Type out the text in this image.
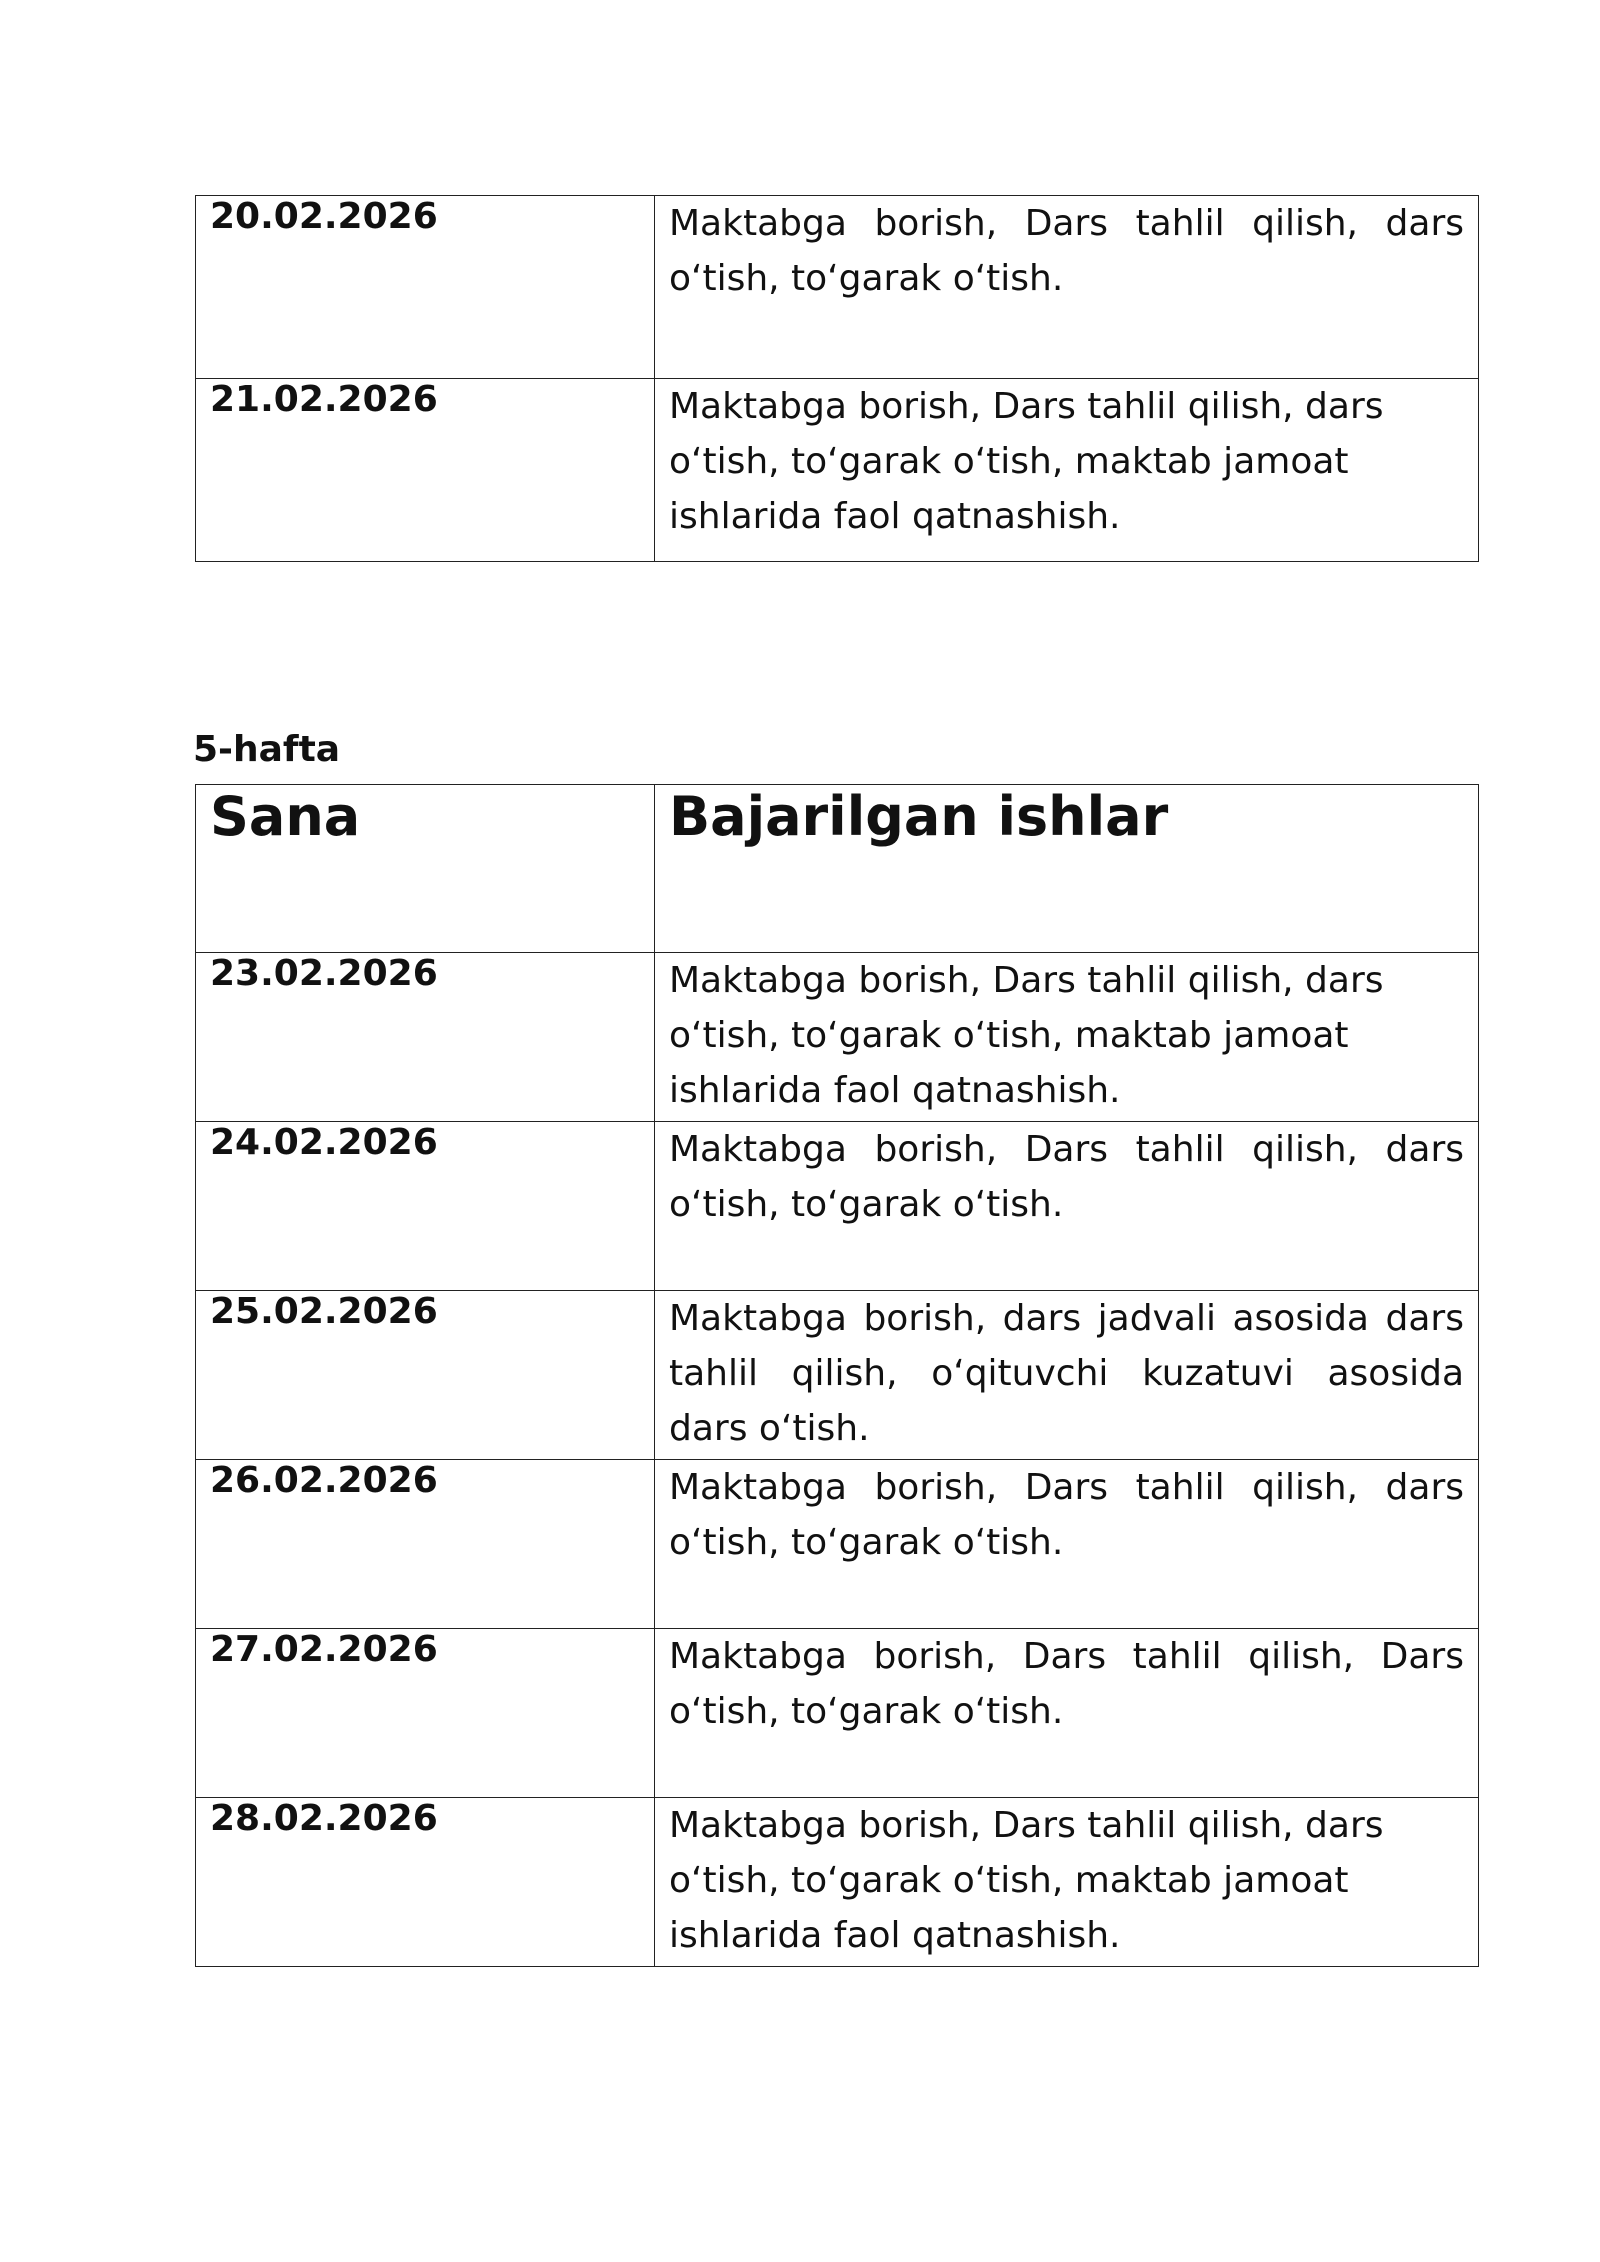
20.02.2026	Maktabga borish, Dars tahlil qilish, dars o‘tish, to‘garak o‘tish.
21.02.2026	Maktabga borish, Dars tahlil qilish, dars o‘tish, to‘garak o‘tish, maktab jamoat ishlarida faol qatnashish.
5-hafta
Sana	Bajarilgan ishlar
23.02.2026	Maktabga borish, Dars tahlil qilish, dars o‘tish, to‘garak o‘tish, maktab jamoat ishlarida faol qatnashish.
24.02.2026	Maktabga borish, Dars tahlil qilish, dars o‘tish, to‘garak o‘tish.
25.02.2026	Maktabga borish, dars jadvali asosida dars tahlil qilish, o‘qituvchi kuzatuvi asosida dars o‘tish.
26.02.2026	Maktabga borish, Dars tahlil qilish, dars o‘tish, to‘garak o‘tish.
27.02.2026	Maktabga borish, Dars tahlil qilish, Dars o‘tish, to‘garak o‘tish.
28.02.2026	Maktabga borish, Dars tahlil qilish, dars o‘tish, to‘garak o‘tish, maktab jamoat ishlarida faol qatnashish.
